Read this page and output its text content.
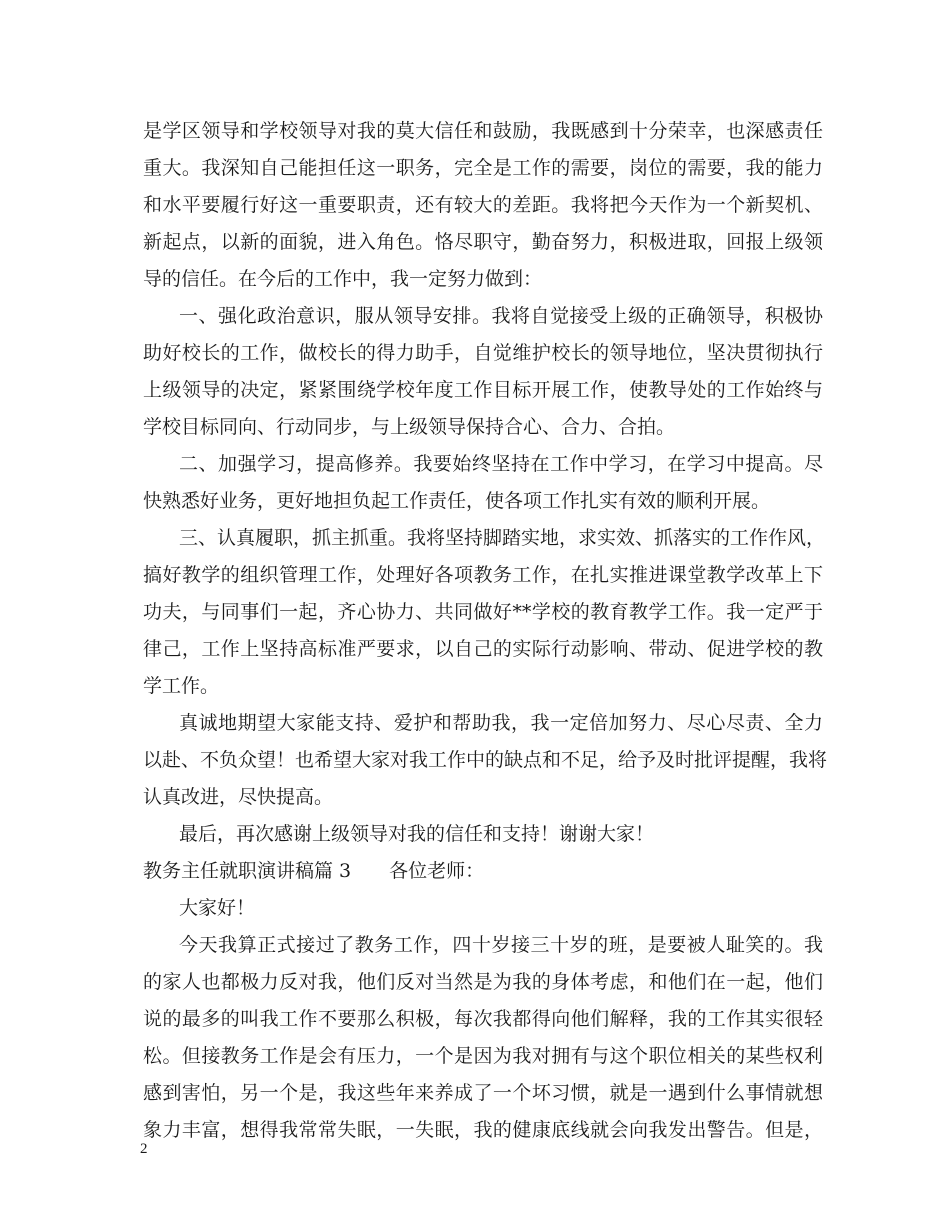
是学区领导和学校领导对我的莫大信任和鼓励，我既感到十分荣幸，也深感责任
重大。我深知自己能担任这一职务，完全是工作的需要，岗位的需要，我的能力
和水平要履行好这一重要职责，还有较大的差距。我将把今天作为一个新契机、
新起点，以新的面貌，进入角色。恪尽职守，勤奋努力，积极进取，回报上级领
导的信任。在今后的工作中，我一定努力做到：
一、强化政治意识，服从领导安排。我将自觉接受上级的正确领导，积极协
助好校长的工作，做校长的得力助手，自觉维护校长的领导地位，坚决贯彻执行
上级领导的决定，紧紧围绕学校年度工作目标开展工作，使教导处的工作始终与
学校目标同向、行动同步，与上级领导保持合心、合力、合拍。
二、加强学习，提高修养。我要始终坚持在工作中学习，在学习中提高。尽
快熟悉好业务，更好地担负起工作责任，使各项工作扎实有效的顺利开展。
三、认真履职，抓主抓重。我将坚持脚踏实地，求实效、抓落实的工作作风，
搞好教学的组织管理工作，处理好各项教务工作，在扎实推进课堂教学改革上下
功夫，与同事们一起，齐心协力、共同做好**学校的教育教学工作。我一定严于
律己，工作上坚持高标准严要求，以自己的实际行动影响、带动、促进学校的教
学工作。
真诚地期望大家能支持、爱护和帮助我，我一定倍加努力、尽心尽责、全力
以赴、不负众望！也希望大家对我工作中的缺点和不足，给予及时批评提醒，我将
认真改进，尽快提高。
最后，再次感谢上级领导对我的信任和支持！谢谢大家！
教务主任就职演讲稿篇 3 各位老师：
大家好！
今天我算正式接过了教务工作，四十岁接三十岁的班，是要被人耻笑的。我
的家人也都极力反对我，他们反对当然是为我的身体考虑，和他们在一起，他们
说的最多的叫我工作不要那么积极，每次我都得向他们解释，我的工作其实很轻
松。但接教务工作是会有压力，一个是因为我对拥有与这个职位相关的某些权利
感到害怕，另一个是，我这些年来养成了一个坏习惯，就是一遇到什么事情就想
象力丰富，想得我常常失眠，一失眠，我的健康底线就会向我发出警告。但是，
2
